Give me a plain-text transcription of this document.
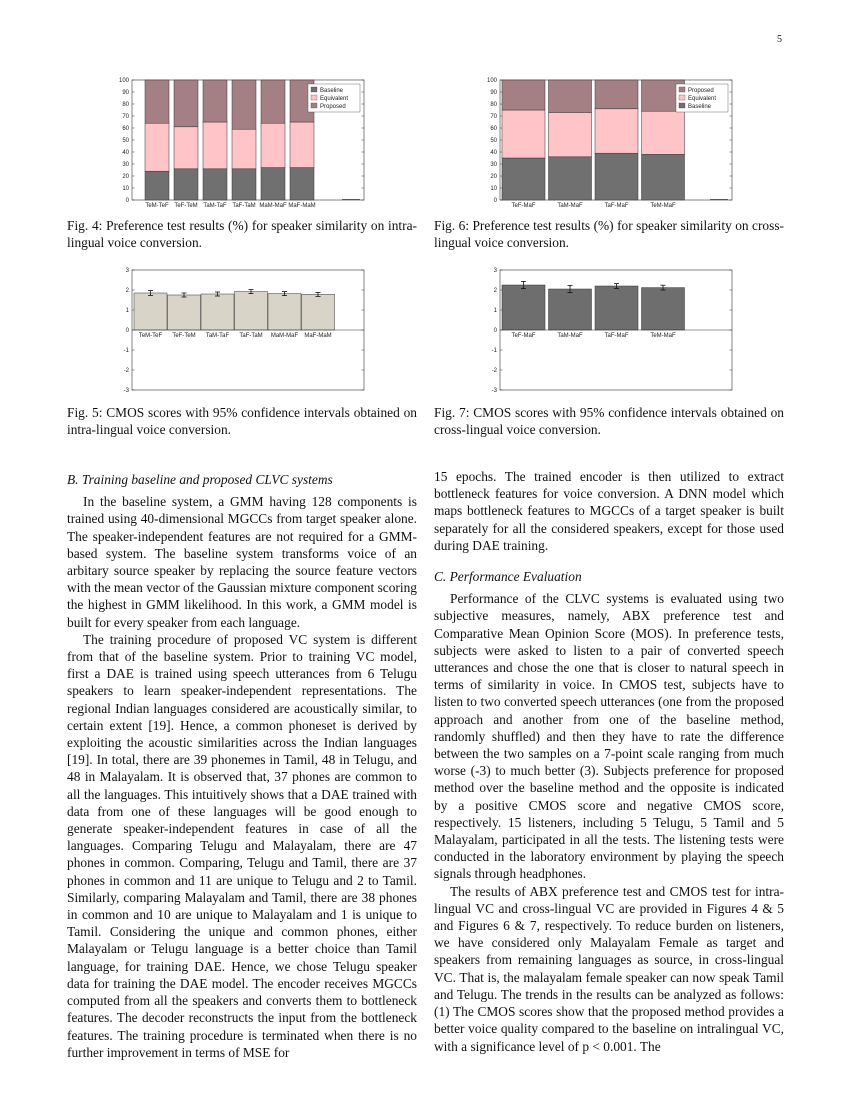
5
0
10
20
30
40
50
60
70
80
90
100
TeM-TeF TeF-TeM TaM-TaF TaF-TaM MaM-MaF MaF-MaM
Baseline
Equivalent
Proposed
Fig. 4: Preference test results (%) for speaker similarity on intra-lingual voice conversion.
0
10
20
30
40
50
60
70
80
90
100
TeF-MaF	TaM-MaF	TaF-MaF	TeM-MaF
Proposed
Equivalent
Baseline
Fig. 6: Preference test results (%) for speaker similarity on cross-lingual voice conversion.
-3
-2
-1
0
1
2
3
TeM-TeF TeF-TeM TaM-TaF TaF-TaM MaM-MaF MaF-MaM
Fig. 5: CMOS scores with 95% confidence intervals obtained on intra-lingual voice conversion.
-3
-2
-1
0
1
2
3
TeF-MaF	TaM-MaF	TaF-MaF	TeM-MaF
Fig. 7: CMOS scores with 95% confidence intervals obtained on cross-lingual voice conversion.
B. Training baseline and proposed CLVC systems

In the baseline system, a GMM having 128 components is trained using 40-dimensional MGCCs from target speaker alone. The speaker-independent features are not required for a GMM-based system. The baseline system transforms voice of an arbitary source speaker by replacing the source feature vectors with the mean vector of the Gaussian mixture component scoring the highest in GMM likelihood. In this work, a GMM model is built for every speaker from each language.

The training procedure of proposed VC system is different from that of the baseline system. Prior to training VC model, first a DAE is trained using speech utterances from 6 Telugu speakers to learn speaker-independent representations. The regional Indian languages considered are acoustically similar, to certain extent [19]. Hence, a common phoneset is derived by exploiting the acoustic similarities across the Indian languages [19]. In total, there are 39 phonemes in Tamil, 48 in Telugu, and 48 in Malayalam. It is observed that, 37 phones are common to all the languages. This intuitively shows that a DAE trained with data from one of these languages will be good enough to generate speaker-independent features in case of all the languages. Comparing Telugu and Malayalam, there are 47 phones in common. Comparing, Telugu and Tamil, there are 37 phones in common and 11 are unique to Telugu and 2 to Tamil. Similarly, comparing Malayalam and Tamil, there are 38 phones in common and 10 are unique to Malayalam and 1 is unique to Tamil. Considering the unique and common phones, either Malayalam or Telugu language is a better choice than Tamil language, for training DAE. Hence, we chose Telugu speaker data for training the DAE model. The encoder receives MGCCs computed from all the speakers and converts them to bottleneck features. The decoder reconstructs the input from the bottleneck features. The training procedure is terminated when there is no further improvement in terms of MSE for

15 epochs. The trained encoder is then utilized to extract bottleneck features for voice conversion. A DNN model which maps bottleneck features to MGCCs of a target speaker is built separately for all the considered speakers, except for those used during DAE training.

C. Performance Evaluation

Performance of the CLVC systems is evaluated using two subjective measures, namely, ABX preference test and Comparative Mean Opinion Score (MOS). In preference tests, subjects were asked to listen to a pair of converted speech utterances and chose the one that is closer to natural speech in terms of similarity in voice. In CMOS test, subjects have to listen to two converted speech utterances (one from the proposed approach and another from one of the baseline method, randomly shuffled) and then they have to rate the difference between the two samples on a 7-point scale ranging from much worse (-3) to much better (3). Subjects preference for proposed method over the baseline method and the opposite is indicated by a positive CMOS score and negative CMOS score, respectively. 15 listeners, including 5 Telugu, 5 Tamil and 5 Malayalam, participated in all the tests. The listening tests were conducted in the laboratory environment by playing the speech signals through headphones.

The results of ABX preference test and CMOS test for intra-lingual VC and cross-lingual VC are provided in Figures 4 & 5 and Figures 6 & 7, respectively. To reduce burden on listeners, we have considered only Malayalam Female as target and speakers from remaining languages as source, in cross-lingual VC. That is, the malayalam female speaker can now speak Tamil and Telugu. The trends in the results can be analyzed as follows: (1) The CMOS scores show that the proposed method provides a better voice quality compared to the baseline on intralingual VC, with a significance level of p < 0.001. The
